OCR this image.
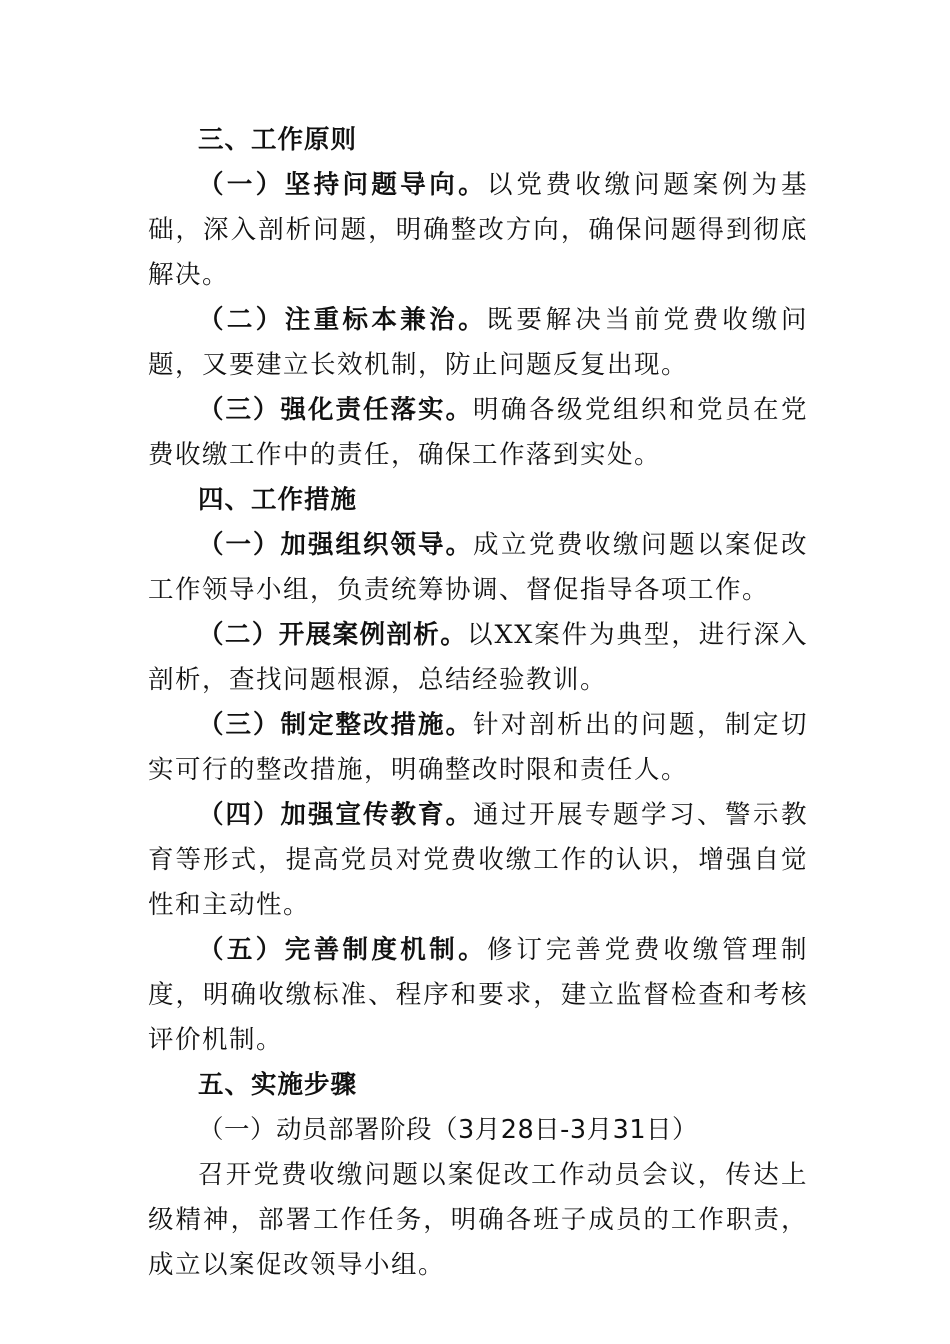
三、工作原则

（一）坚持问题导向。以党费收缴问题案例为基础，深入剖析问题，明确整改方向，确保问题得到彻底解决。

（二）注重标本兼治。既要解决当前党费收缴问题，又要建立长效机制，防止问题反复出现。

（三）强化责任落实。明确各级党组织和党员在党费收缴工作中的责任，确保工作落到实处。

四、工作措施

（一）加强组织领导。成立党费收缴问题以案促改工作领导小组，负责统筹协调、督促指导各项工作。

（二）开展案例剖析。以XX案件为典型，进行深入剖析，查找问题根源，总结经验教训。

（三）制定整改措施。针对剖析出的问题，制定切实可行的整改措施，明确整改时限和责任人。

（四）加强宣传教育。通过开展专题学习、警示教育等形式，提高党员对党费收缴工作的认识，增强自觉性和主动性。

（五）完善制度机制。修订完善党费收缴管理制度，明确收缴标准、程序和要求，建立监督检查和考核评价机制。

五、实施步骤

（一）动员部署阶段（3月28日-3月31日）

召开党费收缴问题以案促改工作动员会议，传达上级精神，部署工作任务，明确各班子成员的工作职责，成立以案促改领导小组。
